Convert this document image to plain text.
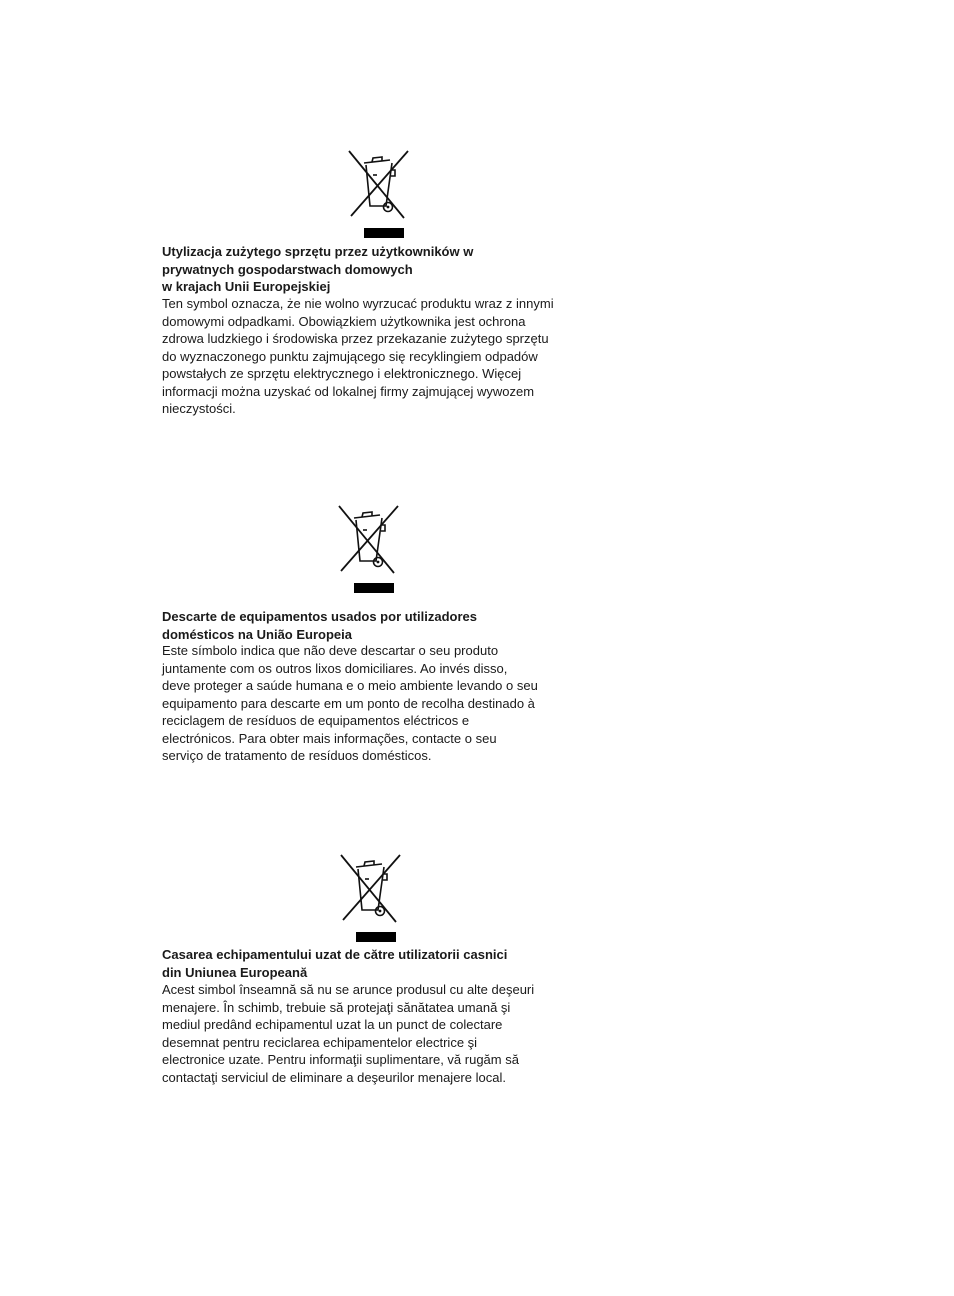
Utylizacja zużytego sprzętu przez użytkowników w
prywatnych gospodarstwach domowych
w krajach Unii Europejskiej

Ten symbol oznacza, że nie wolno wyrzucać produktu wraz z innymi
domowymi odpadkami. Obowiązkiem użytkownika jest ochrona
zdrowa ludzkiego i środowiska przez przekazanie zużytego sprzętu
do wyznaczonego punktu zajmującego się recyklingiem odpadów
powstałych ze sprzętu elektrycznego i elektronicznego. Więcej
informacji można uzyskać od lokalnej firmy zajmującej wywozem
nieczystości.

Descarte de equipamentos usados por utilizadores
domésticos na União Europeia

Este símbolo indica que não deve descartar o seu produto
juntamente com os outros lixos domiciliares. Ao invés disso,
deve proteger a saúde humana e o meio ambiente levando o seu
equipamento para descarte em um ponto de recolha destinado à
reciclagem de resíduos de equipamentos eléctricos e
electrónicos. Para obter mais informações, contacte o seu
serviço de tratamento de resíduos domésticos.

Casarea echipamentului uzat de către utilizatorii casnici
din Uniunea Europeană

Acest simbol înseamnă să nu se arunce produsul cu alte deşeuri
menajere. În schimb, trebuie să protejaţi sănătatea umană şi
mediul predând echipamentul uzat la un punct de colectare
desemnat pentru reciclarea echipamentelor electrice şi
electronice uzate. Pentru informaţii suplimentare, vă rugăm să
contactaţi serviciul de eliminare a deşeurilor menajere local.
